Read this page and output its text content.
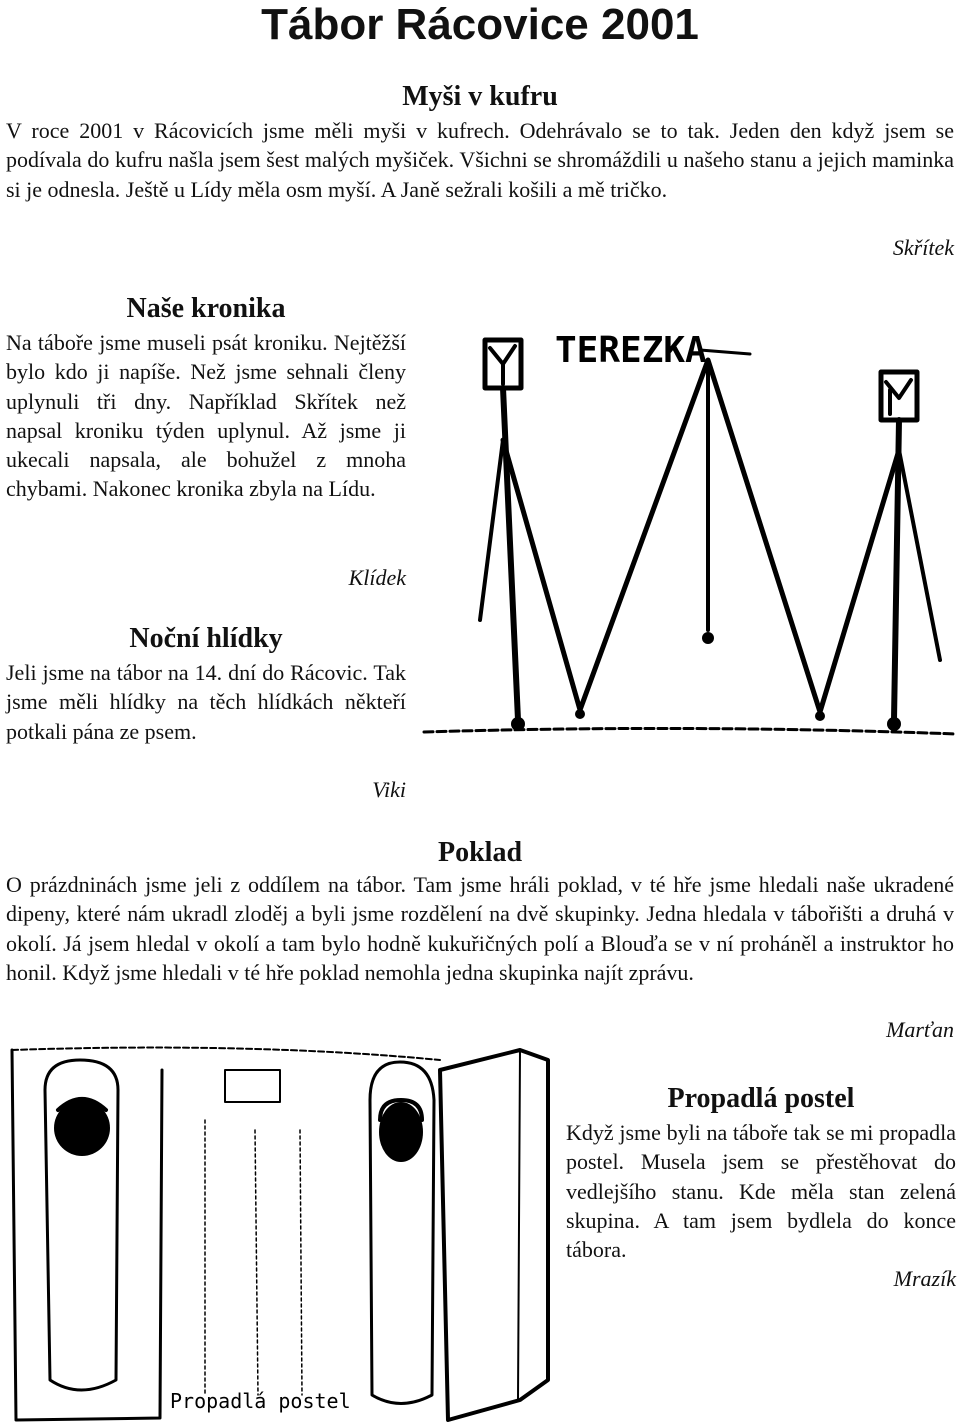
Tábor Rácovice 2001
Myši v kufru

V roce 2001 v Rácovicích jsme měli myši v kufrech. Odehrávalo se to tak. Jeden den když jsem se podívala do kufru našla jsem šest malých myšiček. Všichni se shromáždili u našeho stanu a jejich maminka si je odnesla. Ještě u Lídy měla osm myší. A Janě sežrali košili a mě tričko.

Skřítek
Naše kronika

Na táboře jsme museli psát kroniku. Nejtěžší bylo kdo ji napíše. Než jsme sehnali členy uplynuli tři dny. Například Skřítek než napsal kroniku týden uplynul. Až jsme ji ukecali napsala, ale bohužel z mnoha chybami. Nakonec kronika zbyla na Lídu.

Klídek
Noční hlídky

Jeli jsme na tábor na 14. dní do Rácovic. Tak jsme měli hlídky na těch hlídkách někteří potkali pána ze psem.

Viki
TEREZKA
Poklad

O prázdninách jsme jeli z oddílem na tábor. Tam jsme hráli poklad, v té hře jsme hledali naše ukradené dipeny, které nám ukradl zloděj a byli jsme rozdělení na dvě skupinky. Jedna hledala v tábořišti a druhá v okolí. Já jsem hledal v okolí a tam bylo hodně kukuřičných polí a Blouďa se v ní proháněl a instruktor ho honil. Když jsme hledali v té hře poklad nemohla jedna skupinka najít zprávu.

Marťan
Propadlá postel
Propadlá postel

Když jsme byli na táboře tak se mi propadla postel. Musela jsem se přestěhovat do vedlejšího stanu. Kde měla stan zelená skupina. A tam jsem bydlela do konce tábora.

Mrazík
